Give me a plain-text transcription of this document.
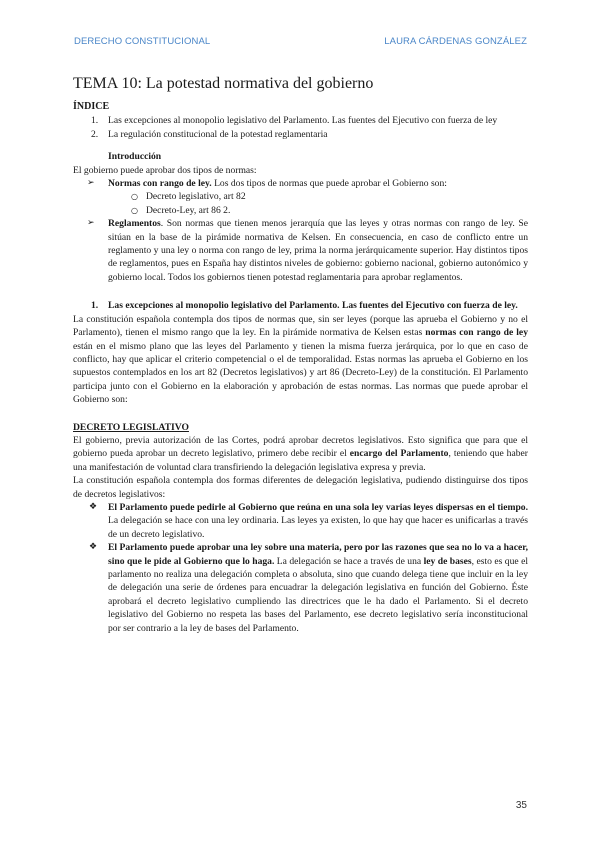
DERECHO CONSTITUCIONAL	LAURA CÁRDENAS GONZÁLEZ
TEMA 10: La potestad normativa del gobierno
ÍNDICE
1. Las excepciones al monopolio legislativo del Parlamento. Las fuentes del Ejecutivo con fuerza de ley
2. La regulación constitucional de la potestad reglamentaria
Introducción

El gobierno puede aprobar dos tipos de normas:

➢ Normas con rango de ley. Los dos tipos de normas que puede aprobar el Gobierno son:
○ Decreto legislativo, art 82
○ Decreto-Ley, art 86 2.
➢ Reglamentos. Son normas que tienen menos jerarquía que las leyes y otras normas con rango de ley. Se sitúan en la base de la pirámide normativa de Kelsen. En consecuencia, en caso de conflicto entre un reglamento y una ley o norma con rango de ley, prima la norma jerárquicamente superior. Hay distintos tipos de reglamentos, pues en España hay distintos niveles de gobierno: gobierno nacional, gobierno autonómico y gobierno local. Todos los gobiernos tienen potestad reglamentaria para aprobar reglamentos.
1. Las excepciones al monopolio legislativo del Parlamento. Las fuentes del Ejecutivo con fuerza de ley.

La constitución española contempla dos tipos de normas que, sin ser leyes (porque las aprueba el Gobierno y no el Parlamento), tienen el mismo rango que la ley. En la pirámide normativa de Kelsen estas normas con rango de ley están en el mismo plano que las leyes del Parlamento y tienen la misma fuerza jerárquica, por lo que en caso de conflicto, hay que aplicar el criterio competencial o el de temporalidad. Estas normas las aprueba el Gobierno en los supuestos contemplados en los art 82 (Decretos legislativos) y art 86 (Decreto-Ley) de la constitución. El Parlamento participa junto con el Gobierno en la elaboración y aprobación de estas normas. Las normas que puede aprobar el Gobierno son:

DECRETO LEGISLATIVO

El gobierno, previa autorización de las Cortes, podrá aprobar decretos legislativos. Esto significa que para que el gobierno pueda aprobar un decreto legislativo, primero debe recibir el encargo del Parlamento, teniendo que haber una manifestación de voluntad clara transfiriendo la delegación legislativa expresa y previa.

La constitución española contempla dos formas diferentes de delegación legislativa, pudiendo distinguirse dos tipos de decretos legislativos:

❖ El Parlamento puede pedirle al Gobierno que reúna en una sola ley varias leyes dispersas en el tiempo. La delegación se hace con una ley ordinaria. Las leyes ya existen, lo que hay que hacer es unificarlas a través de un decreto legislativo.
❖ El Parlamento puede aprobar una ley sobre una materia, pero por las razones que sea no lo va a hacer, sino que le pide al Gobierno que lo haga. La delegación se hace a través de una ley de bases, esto es que el parlamento no realiza una delegación completa o absoluta, sino que cuando delega tiene que incluir en la ley de delegación una serie de órdenes para encuadrar la delegación legislativa en función del Gobierno. Éste aprobará el decreto legislativo cumpliendo las directrices que le ha dado el Parlamento. Si el decreto legislativo del Gobierno no respeta las bases del Parlamento, ese decreto legislativo sería inconstitucional por ser contrario a la ley de bases del Parlamento.
35
